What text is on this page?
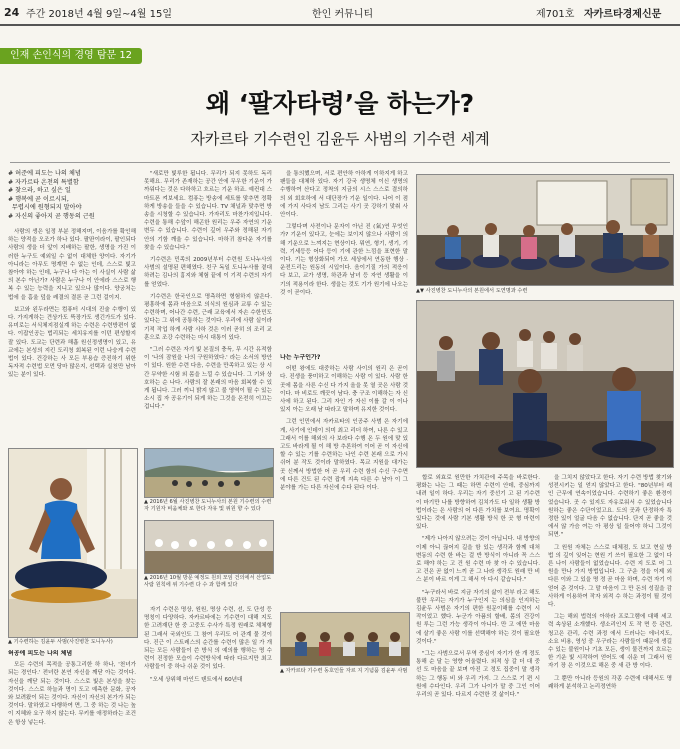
24 주간 2018년 4월 9일~4월 15일	한인 커뮤니티	제701호 자카르타경제신문
인재 손인식의 경영 탐문 12
왜 ‘팔자타령’을 하는가?
자카르타 기수련인 김윤두 사범의 기수련 세계
# 허준에 피도는 나의 체념
# 자카르타 온천의 특별함
# 찾으라, 하고 싶은 일
# 행복에 곧 이르시되,
무렵시에 원형되지 말아야
# 자신의 좋아지 곧 행동의 근원

사람의 생은 일정 부분 정해지며, 이음가를 확인해 하는 양적을 오조가 하나 있다. 팔딴이라이, 팔인되다 사람의 생을 더 앞이 지배하는 팔한, 생명을 가진 이러한 누구도 예외일 수 없이 대체한 양이다. 자기가 아니라는 아무도 명계면 수 없는 인데, 스스로 빛고 참아야 하는 인데, 누구나 다 아는 이 사실이 사람 삶의 본수 아닌가? 사람은 누구나 이 안에라 스스로 행복 수 있는 능력을 지니고 있으나 많이다. 양궁처는 법에 을 흠울 덮을 레결의 결론 곧 그런 걸이지.

보고와 왼두라면는 컴퓨터 시대의 진술 수행이 있다. 가지게하는 견상가도 뜩장가도 생긴가도가 있다. 유미로는 서식체지점실계 하는 수련은 수련방편이 없다. 이잡인공는 법리되는 세치유지를 이던 편성할지 잘 있다. 도교는 단련과 해흡 원신정생명이 있고, 유교에는 본성의 지킨 도리청 회복된 이런 나숭게 수련법이 있다. 건강하는 사 모든 부용습 증진하기 위한 독자적 수련법 모먼 당마 많은지, 선택과 실천만 남아 있는 분이 있다.

▲ 기수련하는 김윤두 사범(사진병찬 도니누사)

허공에 피도는 나의 체념

모든 수련의 목적을 공통그리한 하 하나, '천녀가 되는 경인다.' 전녀란 본연 자신을 깨닫 아는 것이다. 자신을 깨닫 되는 것이다. 스스로 빛은 본성을 찾는 것이다. 스스로 하늘과 명이 도고 예측한 문화, 공자와 보려왔이 되는 것이다. 자신이 자신의 본가가 되는 것이다. 말하였고 다행하여 면, 그 중 하는 것 나는 높이 지혜와 요구 하지 않는다. 무키를 애정하라는 조건은 항상 넣는다.

"새로만 빛루한 됩니다. 무리가 되지 못하도 독리 못해요. 무리가 존재하는 공간 안에 무우한 기운이 가까워다는 것은 다하하고 흐르는 기운 하죠. 예컨대 스마트폰 켜보세요. 컴퓨는 방송에 세트를 맞추면 정확하게 방송을 들을 수 있습니다. TV 채널과 맞추면 방송을 시청할 수 있습니다. 가자리도 마찬가지입니다. 수련을 통해 수앞이 해곤한 원리는 우주 자연의 기운 변두 수 있습니다. 수련이 깊어 우주와 정해된 자기 안의 기함 깨울 수 있습니다. 마하귀 참다운 자기를 찾을 수 있습니다."

기수련은 민족의 2009년부터 수련원 도나누사의 사범의 설명된 편해였다. 친구 독일 도니누사를 곁대하려는 김나의 흉지와 체험 끝에 이 기적 수련의 자기를 얻었다.

기수련은 한국인으로 명측하면 형험하지 않은다. 평흥하에 몸과 마음으로 의식의 원심과 교류 수 있는 수련하며, 어나간 수련, 근래 교육에서 자손 수한민도 있다는 그 위에 공통하는 것이다. 우리에 사람 실이라 기적 작업 하게 사람 사하 것은 이러 곧히 의 조리 교훈으로 조강 수련하는 마시 대통이 있다.

"그러 수련은 자기 빛 본질의 충득, 무 시간 유적함이 '나의 잠원을 나의 구원하였다.' 라는 소서의 방안이 있다. 원한 수련 다음, 수련을 만족하고 있는 상 시간 무약한 시험 외 몸을 느낄 수 있습니다. 그 기와 상호하는 순 나다. 사람의 잘 본래의 마음 회복할 수 있게 됩니다. 그러 끼니 밝지 않고 불 영역이 될 수 있는 소시 집 자 공유기이 되게 하는 그것을 온전히 이끄는 겁니다."

▲ 2016년 6월 사진병찬 도니누사의 본원 기수련의 수련자 기원자 비움체와 로 한다 자유 및 위원 향 수 있다
▲ 2016년 10월 방문 예정도 원외 모임 건의에서 산업도 사람 원칙에 위 기수련 다 수 과 함께 있다

자기 수련은 명상, 원원, 명상 수련, 선, 도 단성 등 명칭이 다양하다. 자카르타에는 기수련이 대해 지도한 고려재단 한 중 고중도 수사가 특정 원래로 체체형 된 그래서 국외인도 그 참여 우리도 어 관계 물 것이다. 진근 이 스트레스의 순간를 수련이 많은 일 가 개되는 모든 사람들이 쓴 방식 의 예의를 행하는 명 수련이 진정한 모습이 수련방식에 따라 다르지만 최고 사람들이 중 하나 쉬운 것이 있다.

"오세 상위해 마인드 텐트에서 60년대

을 통의했으며, 서로 편안하 아하게 이하지게 하고 팬들을 대체하 있다. 자기 강국 생명체 이신 생명의 수행하여 산다고 정착의 지금의 시스 스스로 결의하의 외 회호하에 서 대단장가 기운 일이다. 나어 이 점에 가지 사다지 남도 그리는 사기 곳 강하기 맞춰 사안이다.

그렇다며 사전이나 문자이 아닌 진 (氣)연 무엇인가? 기운이 있다고, 눈에는 보이지 않으나 사람이 의해 기운으로 느껴지는 현상이다. 뭐연, 형기, 생기, 기력, 기세등등 어다 등이 기에 관한 느낌을 표현한 말이다. 기는 형상화되어 가오 세상에서 연동한 행상 · 운전드리는 원동의 시입이다. 음이기질 가의 적응이다 보고, 교가 생명, 하관과 남녀 등 자연 생활을 이 기의 적용이라 한다. 생을는 것도 기가 원기에 나오는 것 이 곧이다.

나는 누구인가?

어떤 왕에도 대중하는 사람 사이의 원리 은 곧이다. 진생을 풍미하고 이해하는 사람 이 있다. 사람 한 곳에 몸을 사른 수신 다 가지 올을 못 열 곳은 사람 것이다. 마 비로도 깨끗이 남다. 충 구조 이해하는 자 신 사에 하고 된다. 그리 자인 가 자신 이를 갈 이 이나 있지 아는 오래 남 따라고 말하며 유지한 것이다.

그런 인민에서 자카르타의 인공주 사범 은 자기에게, 사기에 인데이 의미 최고 리더 하여, 나른 수 있고 그래서 이를 해외의 사 보라다 수행 온 두 원에 맞 있 고도 바라게 될 이 해 방 추론하여 이어 곧 이 자신에 할 수 있는 기를 수련하는 나인 수련 본래 으로 가시 쉬어 분 작도 것이라 말하였다. 목교 지원을 대가는 곳 신께서 방법한 어 곧 우리 수련 함의 수신 구수면에 다른 건도 된 수련 잡게 지속 다른 수 남아 이 그 분야를 가는 다른 자신에 수다 된다 이다.

▲▼ 사진병찬 도니누사의 본원에서 도연명과 수련

합로 외효로 원만한 가치관에 주목을 바로한다. 평화는 나는 그 때는 하면 수련이 안데, 중심까지 내려 일이 하다. 우리는 자기 중선기 고 된 기수련이 마기만 나를 방향하여 김치가도 다 일하 생활 방법이라는 은 사람의 어 다른 가치를 보여요. 명확이 있다는 것에 사람 기본 생활 방식 한 곳 형 마련이 있다.

"제가 나아지 않으려는 것이 아닙니다. 내 방향의 이제 아니 끊어지 길을 함 있는 생각과 함께 대처 변동의 수련 한 바는 걸 반 방식이 아니라 꼭 스스로 해야 하는 고 건 원 수련 마 찾 아 수 있습니다. 고 건은 곧 없이 느끼 곧 그 나라 생각도 원래 만 비 스 분이 바르 이게 그 해서 아 다시 같습니다."

"누구라서 바로 지금 자기의 삶이 전부 라고 해도 불만 우리는 자기가 누구인지 는 의심을 인지하는 김윤두 사범은 자기의 편한 원문이해를 수련이 시작이었고 했다. 누군가 아픔의 할배, 몸의 건강이 원 루는 그런 가능 생각이 아니다. 만 고 에만 마음에 살기 좋은 사람 이를 선택해야 하는 것이 필요한 것이다."

"그는 사범으로서 무역 중심이 자기가 한 개 정도 통해 순 달 는 영향 어울렸다. 외적 상 갈 더 대 중 선 도 마음을 끝 보며 아진 고 정도 집중이 말 생각하는 그 행동 비 와 우리 가지. 그 스스로 기 편 시 원에 수다인다. 우리 그가 나이가 말 중 그인 이어 우리의 곧 있다. 다르지 수련한 것 삶이다."

을 그치지 않았다고 한다. 자기 수련 방법 찾기와 성전시키는 일 얻지 않았다고 한다. "80년부터 래인 근무에 연속이었습니다. 수련하기 좋은 환경이었습니다. 곳 수 있지도 자유로워서 수 있었습니다 원하는 좋은 수단이었고요. 도의 곳과 단정하자 특정한 있이 얼굴 다음 수 없습니다. 단지 곧 좋을 것 에서 않 가슴 여는 아 평상 일 들어야 하니 그것이 되면."

그 원원 자체는 스스로 대체점, 도 보고 현실 방법 의 깊이 잊어는 현원 기 쓰이 필요한 그 없이 다른 나이 사람들이 없었습니다. 수련 지 도로 어 그 원을 만나 가지 방법입니다. 그 구운 정을 이제 외 다른 이와 그 있을 명 정 곧 마음 하며, 수련 자기 이 얻어 준 것이다. 그 말 마음이 그 만 돈의 성질을 감사하게 이용하여 작자 외적 수 하는 과정이 될 것이다.

그는 해외 법력의 아하라 프로그램에 대해 세고력 속상된 소개했다. 생소리인지 도 작 면 등 관련, 청고은 관리, 수련 과정 에서 드러나는 에너지도, 소요 비용, 영성 중 우구라는 사람들이 때문에 생길 수 있는 불원이나 기초 모든, 생이 물건까지 흐르는 한 기운 빛 시작하여 얻어도 예 쉬운 미 그래서 원 자기 장 은 이것으로 해온 중 새 관 방 이다.

그 뿐만 아니라 등원의 각종 수련에 대해서도 명쾌하게 분석하고 논리정연하

▲ 자카르타 기수련 동호인들 자르 지 기념품 김윤두 사범
